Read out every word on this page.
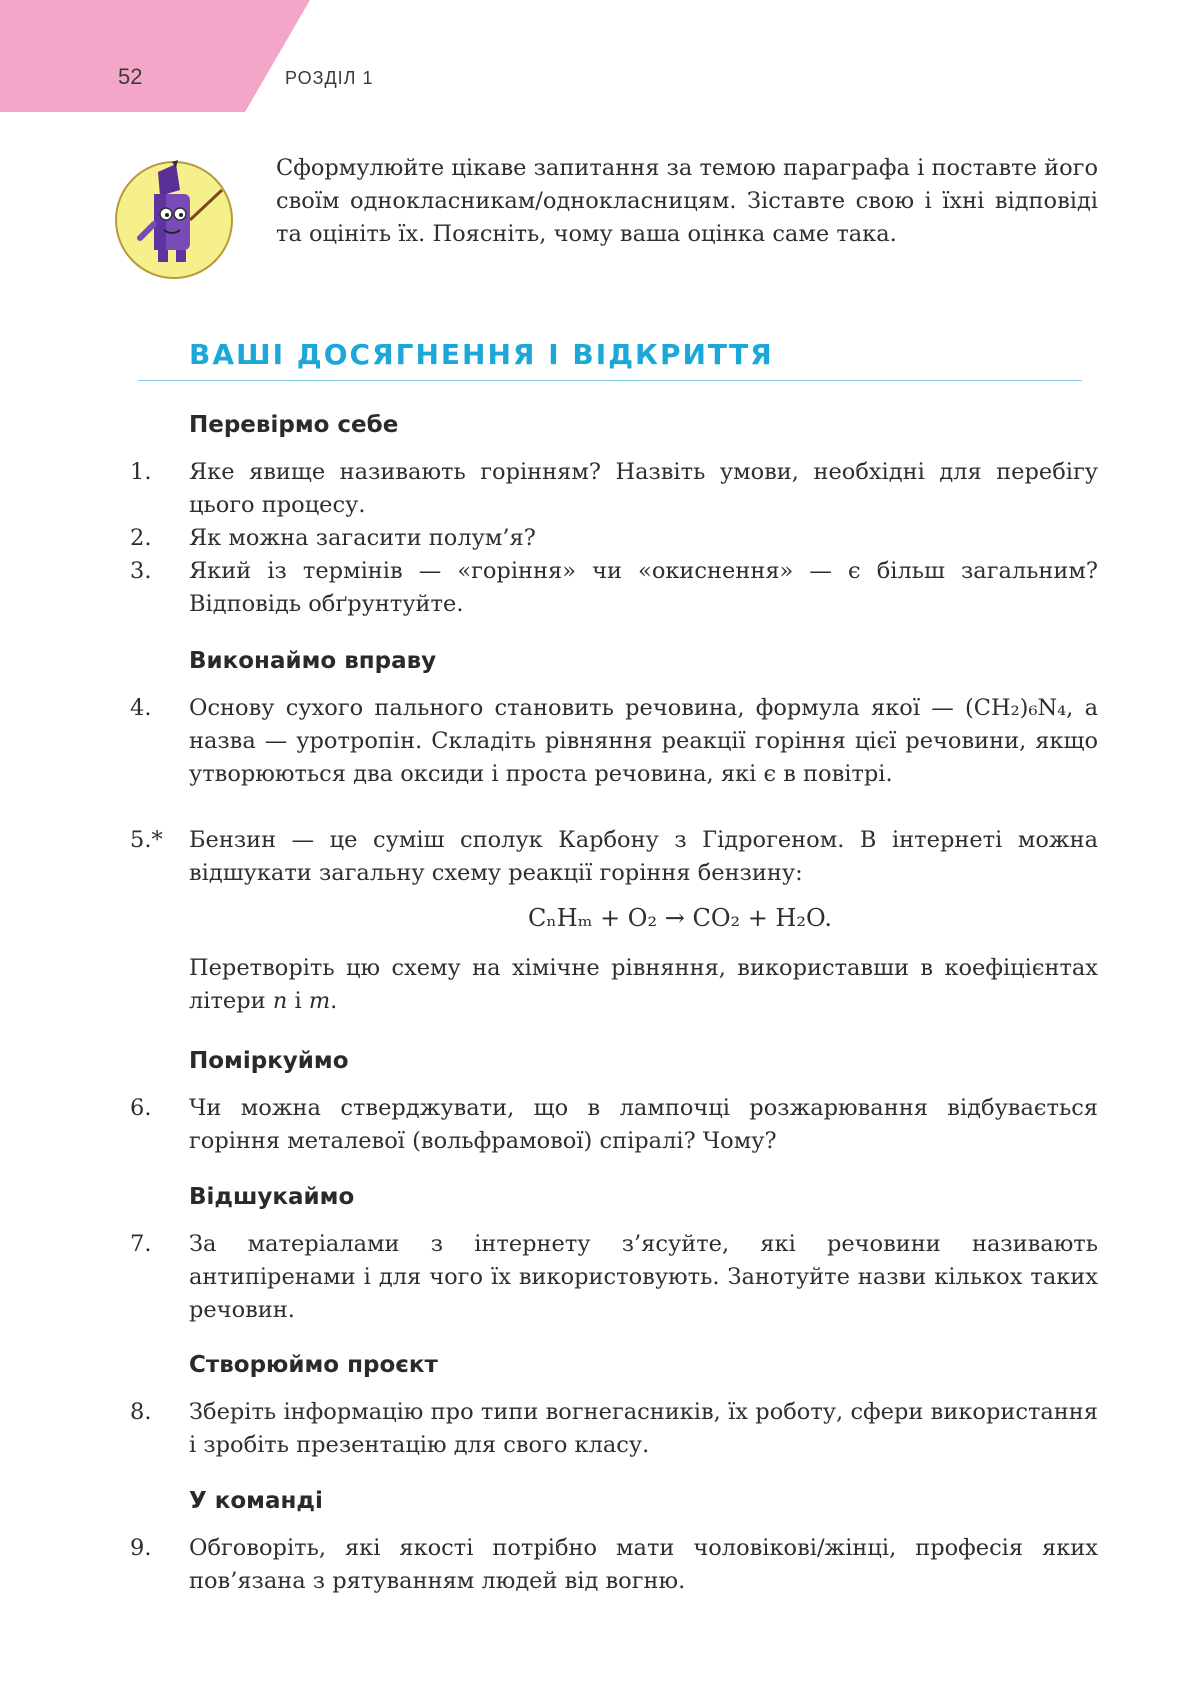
52	РОЗДІЛ 1
Сформулюйте цікаве запитання за темою параграфа і поставте його своїм однокласникам/однокласницям. Зіставте свою і їхні відповіді та оцініть їх. Поясніть, чому ваша оцінка саме така.
ВАШІ ДОСЯГНЕННЯ І ВІДКРИТТЯ
Перевірмо себе
1.	Яке явище називають горінням? Назвіть умови, необхідні для перебігу цього процесу.
2.	Як можна загасити полум’я?
3.	Який із термінів — «горіння» чи «окиснення» — є більш загальним? Відповідь обґрунтуйте.
Виконаймо вправу
4.	Основу сухого пального становить речовина, формула якої — (CH₂)₆N₄, а назва — уротропін. Складіть рівняння реакції горіння цієї речовини, якщо утворюються два оксиди і проста речовина, які є в повітрі.
5.*	Бензин — це суміш сполук Карбону з Гідрогеном. В інтернеті можна відшукати загальну схему реакції горіння бензину:
CₙHₘ + O₂ → CO₂ + H₂O.
Перетворіть цю схему на хімічне рівняння, використавши в коефіцієнтах літери n і m.
Поміркуймо
6.	Чи можна стверджувати, що в лампочці розжарювання відбувається горіння металевої (вольфрамової) спіралі? Чому?
Відшукаймо
7.	За матеріалами з інтернету з’ясуйте, які речовини називають антипіренами і для чого їх використовують. Занотуйте назви кількох таких речовин.
Створюймо проєкт
8.	Зберіть інформацію про типи вогнегасників, їх роботу, сфери використання і зробіть презентацію для свого класу.
У команді
9.	Обговоріть, які якості потрібно мати чоловікові/жінці, професія яких пов’язана з рятуванням людей від вогню.
